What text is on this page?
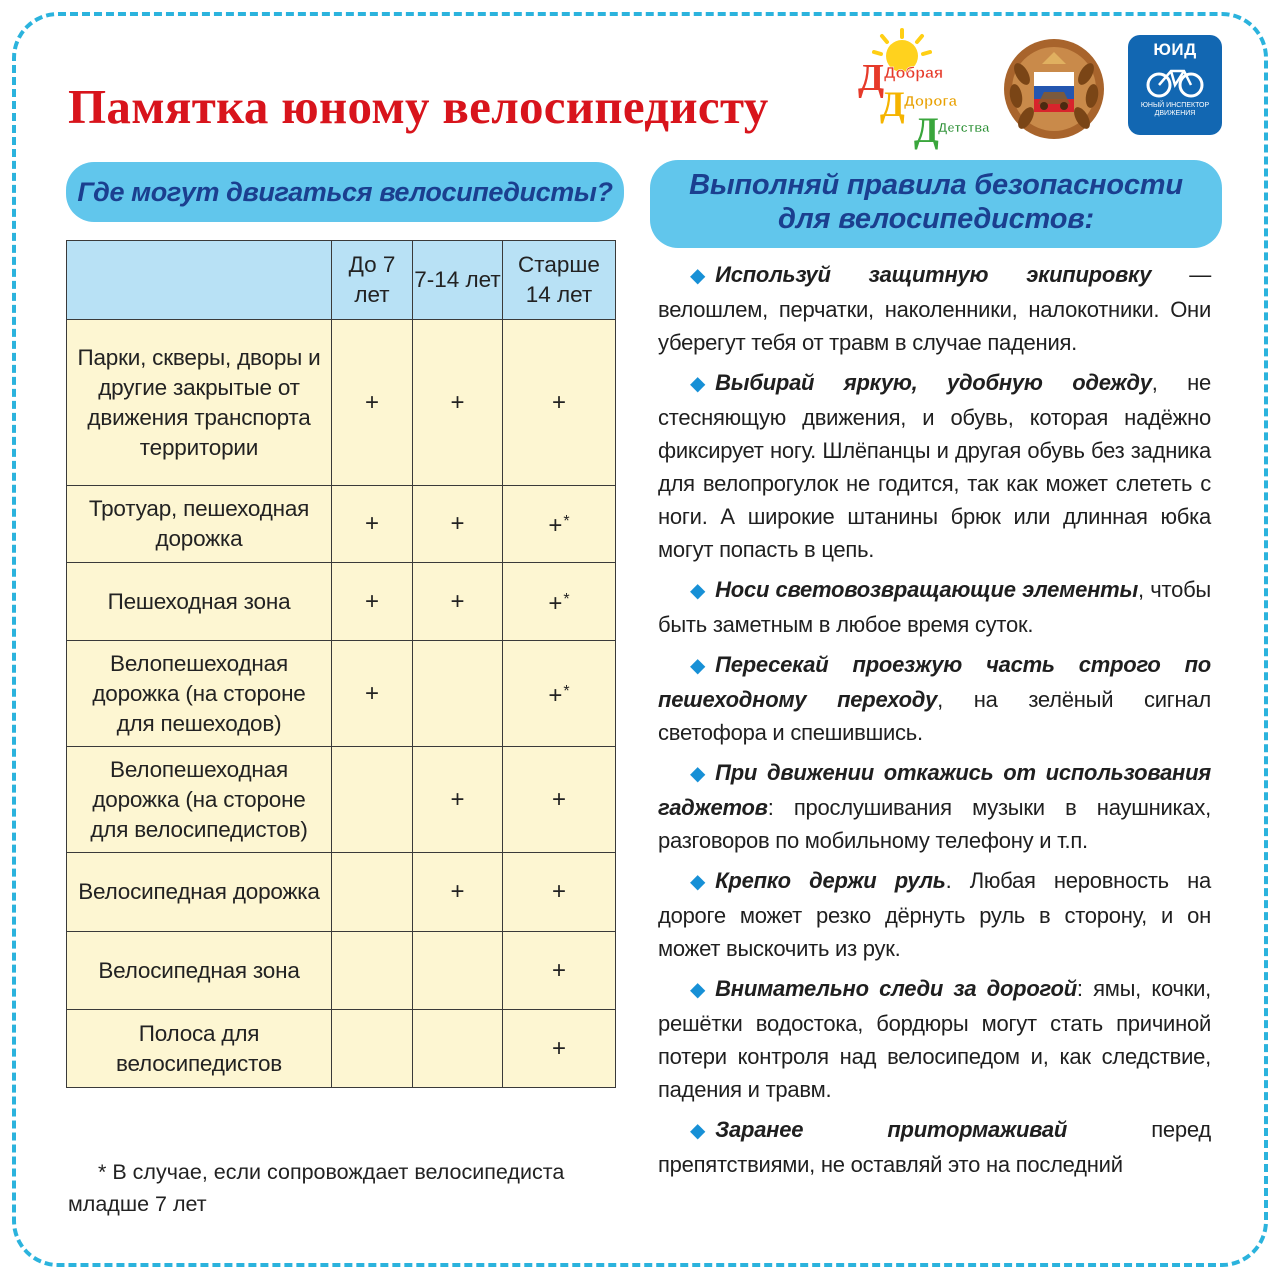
Памятка юному велосипедисту
Д Добрая
Д Дорога
Д Детства
ЮИД
ЮНЫЙ ИНСПЕКТОР ДВИЖЕНИЯ
Где могут двигаться велосипедисты?	Выполняй правила безопасности
для велосипедистов:
	До 7 лет	7-14 лет	Старше 14 лет
Парки, скверы, дворы и другие закрытые от движения транспорта территории	+	+	+
Тротуар, пешеходная дорожка	+	+	+*
Пешеходная зона	+	+	+*
Велопешеходная дорожка (на стороне для пешеходов)	+		+*
Велопешеходная дорожка (на стороне для велосипедистов)		+	+
Велосипедная дорожка		+	+
Велосипедная зона			+
Полоса для велосипедистов			+
* В случае, если сопровождает велосипедиста младше 7 лет

◆ Используй защитную экипировку — велошлем, перчатки, наколенники, налокотники. Они уберегут тебя от травм в случае падения.

◆ Выбирай яркую, удобную одежду, не стесняющую движения, и обувь, которая надёжно фиксирует ногу. Шлёпанцы и другая обувь без задника для велопрогулок не годится, так как может слететь с ноги. А широкие штанины брюк или длинная юбка могут попасть в цепь.

◆ Носи световозвращающие элементы, чтобы быть заметным в любое время суток.

◆ Пересекай проезжую часть строго по пешеходному переходу, на зелёный сигнал светофора и спешившись.

◆ При движении откажись от использования гаджетов: прослушивания музыки в наушниках, разговоров по мобильному телефону и т.п.

◆ Крепко держи руль. Любая неровность на дороге может резко дёрнуть руль в сторону, и он может выскочить из рук.

◆ Внимательно следи за дорогой: ямы, кочки, решётки водостока, бордюры могут стать причиной потери контроля над велосипедом и, как следствие, падения и травм.

◆ Заранее притормаживай перед препятствиями, не оставляй это на последний
